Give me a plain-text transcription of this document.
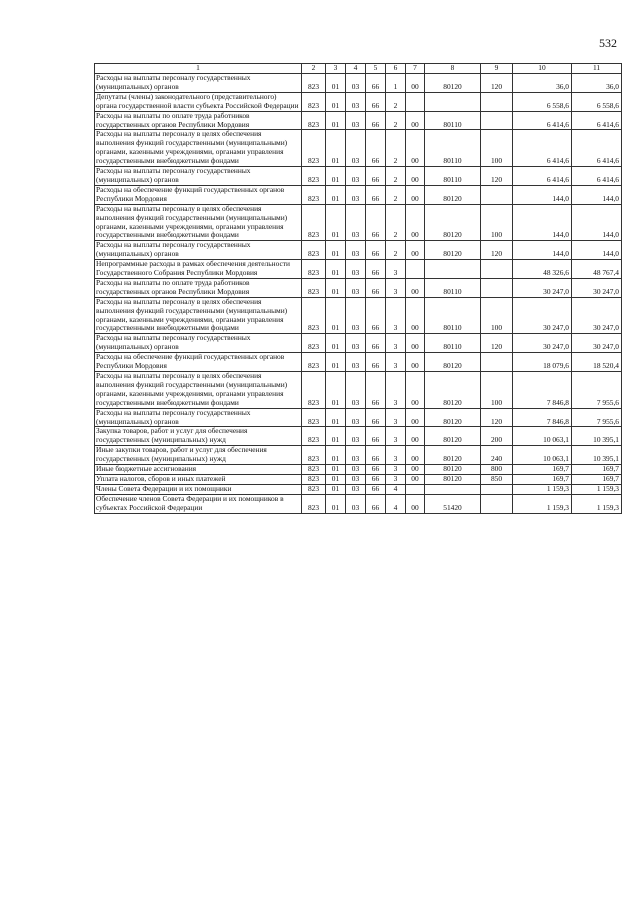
532
1	2	3	4	5	6	7	8	9	10	11
Расходы на выплаты персоналу государственных (муниципальных) органов	823	01	03	66	1	00	80120	120	36,0	36,0
Депутаты (члены) законодательного (представительного) органа государственной власти субъекта Российской Федерации	823	01	03	66	2				6 558,6	6 558,6
Расходы на выплаты по оплате труда работников государственных органов Республики Мордовия	823	01	03	66	2	00	80110		6 414,6	6 414,6
Расходы на выплаты персоналу в целях обеспечения выполнения функций государственными (муниципальными) органами, казенными учреждениями, органами управления государственными внебюджетными фондами	823	01	03	66	2	00	80110	100	6 414,6	6 414,6
Расходы на выплаты персоналу государственных (муниципальных) органов	823	01	03	66	2	00	80110	120	6 414,6	6 414,6
Расходы на обеспечение функций государственных органов Республики Мордовия	823	01	03	66	2	00	80120		144,0	144,0
Расходы на выплаты персоналу в целях обеспечения выполнения функций государственными (муниципальными) органами, казенными учреждениями, органами управления государственными внебюджетными фондами	823	01	03	66	2	00	80120	100	144,0	144,0
Расходы на выплаты персоналу государственных (муниципальных) органов	823	01	03	66	2	00	80120	120	144,0	144,0
Непрограммные расходы в рамках обеспечения деятельности Государственного Собрания Республики Мордовия	823	01	03	66	3				48 326,6	48 767,4
Расходы на выплаты по оплате труда работников государственных органов Республики Мордовия	823	01	03	66	3	00	80110		30 247,0	30 247,0
Расходы на выплаты персоналу в целях обеспечения выполнения функций государственными (муниципальными) органами, казенными учреждениями, органами управления государственными внебюджетными фондами	823	01	03	66	3	00	80110	100	30 247,0	30 247,0
Расходы на выплаты персоналу государственных (муниципальных) органов	823	01	03	66	3	00	80110	120	30 247,0	30 247,0
Расходы на обеспечение функций государственных органов Республики Мордовия	823	01	03	66	3	00	80120		18 079,6	18 520,4
Расходы на выплаты персоналу в целях обеспечения выполнения функций государственными (муниципальными) органами, казенными учреждениями, органами управления государственными внебюджетными фондами	823	01	03	66	3	00	80120	100	7 846,8	7 955,6
Расходы на выплаты персоналу государственных (муниципальных) органов	823	01	03	66	3	00	80120	120	7 846,8	7 955,6
Закупка товаров, работ и услуг для обеспечения государственных (муниципальных) нужд	823	01	03	66	3	00	80120	200	10 063,1	10 395,1
Иные закупки товаров, работ и услуг для обеспечения государственных (муниципальных) нужд	823	01	03	66	3	00	80120	240	10 063,1	10 395,1
Иные бюджетные ассигнования	823	01	03	66	3	00	80120	800	169,7	169,7
Уплата налогов, сборов и иных платежей	823	01	03	66	3	00	80120	850	169,7	169,7
Члены Совета Федерации и их помощники	823	01	03	66	4				1 159,3	1 159,3
Обеспечение членов Совета Федерации и их помощников в субъектах Российской Федерации	823	01	03	66	4	00	51420		1 159,3	1 159,3
